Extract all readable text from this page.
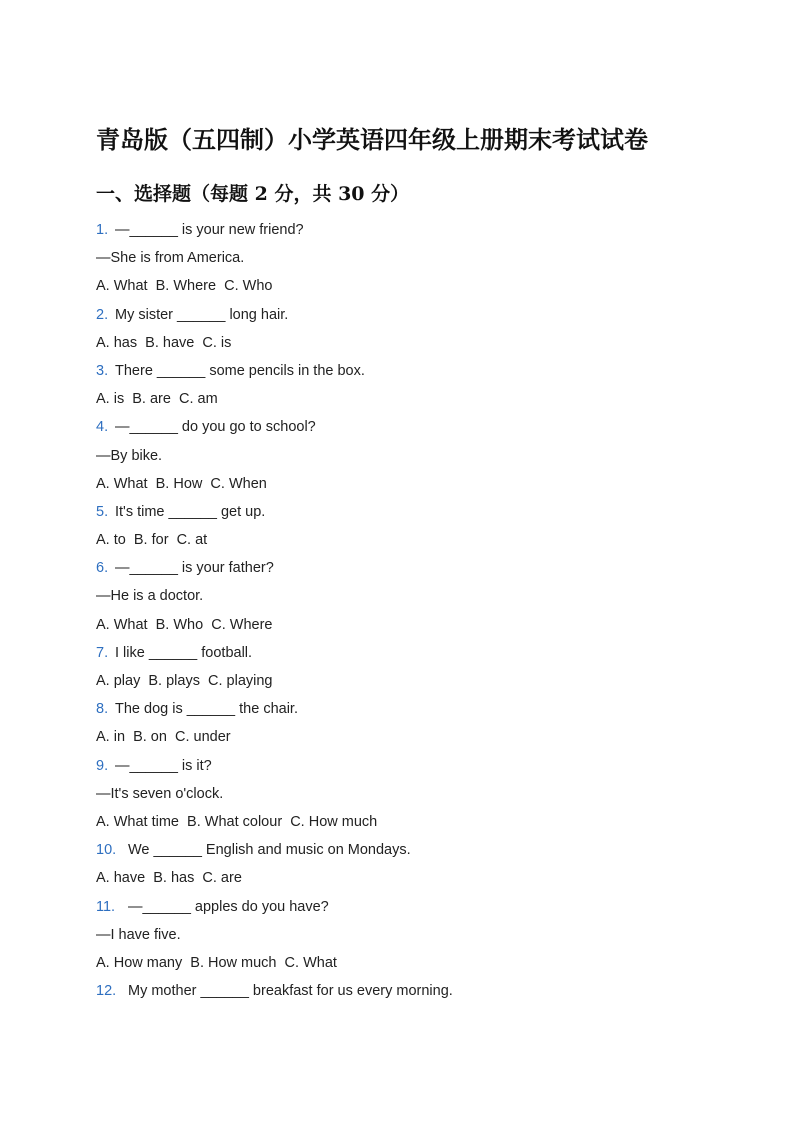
青岛版（五四制）小学英语四年级上册期末考试试卷
一、选择题（每题 2 分，共 30 分）
1. —______ is your new friend?
—She is from America.
A. What  B. Where  C. Who
2. My sister ______ long hair.
A. has  B. have  C. is
3. There ______ some pencils in the box.
A. is  B. are  C. am
4. —______ do you go to school?
—By bike.
A. What  B. How  C. When
5. It's time ______ get up.
A. to  B. for  C. at
6. —______ is your father?
—He is a doctor.
A. What  B. Who  C. Where
7. I like ______ football.
A. play  B. plays  C. playing
8. The dog is ______ the chair.
A. in  B. on  C. under
9. —______ is it?
—It's seven o'clock.
A. What time  B. What colour  C. How much
10. We ______ English and music on Mondays.
A. have  B. has  C. are
11. —______ apples do you have?
—I have five.
A. How many  B. How much  C. What
12. My mother ______ breakfast for us every morning.
